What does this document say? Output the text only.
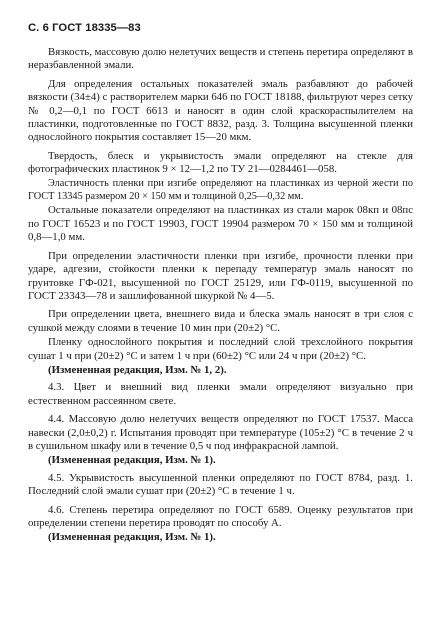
С. 6 ГОСТ 18335—83

Вязкость, массовую долю нелетучих веществ и степень перетира определяют в неразбавленной эмали.

Для определения остальных показателей эмаль разбавляют до рабочей вязкости (34±4) с растворителем марки 646 по ГОСТ 18188, фильтруют через сетку № 0,2—0,1 по ГОСТ 6613 и наносят в один слой краскораспылителем на пластинки, подготовленные по ГОСТ 8832, разд. 3. Толщина высушенной пленки однослойного покрытия составляет 15—20 мкм.

Твердость, блеск и укрывистость эмали определяют на стекле для фотографических пластинок 9 × 12—1,2 по ТУ 21—0284461—058.

Эластичность пленки при изгибе определяют на пластинках из черной жести по ГОСТ 13345 размером 20 × 150 мм и толщиной 0,25—0,32 мм.

Остальные показатели определяют на пластинках из стали марок 08кп и 08пс по ГОСТ 16523 и по ГОСТ 19903, ГОСТ 19904 размером 70 × 150 мм и толщиной 0,8—1,0 мм.

При определении эластичности пленки при изгибе, прочности пленки при ударе, адгезии, стойкости пленки к перепаду температур эмаль наносят по грунтовке ГФ-021, высушенной по ГОСТ 25129, или ГФ-0119, высушенной по ГОСТ 23343—78 и зашлифованной шкуркой № 4—5.

При определении цвета, внешнего вида и блеска эмаль наносят в три слоя с сушкой между слоями в течение 10 мин при (20±2) °С.

Пленку однослойного покрытия и последний слой трехслойного покрытия сушат 1 ч при (20±2) °С и затем 1 ч при (60±2) °С или 24 ч при (20±2) °С.

(Измененная редакция, Изм. № 1, 2).

4.3. Цвет и внешний вид пленки эмали определяют визуально при естественном рассеянном свете.

4.4. Массовую долю нелетучих веществ определяют по ГОСТ 17537. Масса навески (2,0±0,2) г. Испытания проводят при температуре (105±2) °С в течение 2 ч в сушильном шкафу или в течение 0,5 ч под инфракрасной лампой.

(Измененная редакция, Изм. № 1).

4.5. Укрывистость высушенной пленки определяют по ГОСТ 8784, разд. 1. Последний слой эмали сушат при (20±2) °С в течение 1 ч.

4.6. Степень перетира определяют по ГОСТ 6589. Оценку результатов при определении степени перетира проводят по способу А.

(Измененная редакция, Изм. № 1).
